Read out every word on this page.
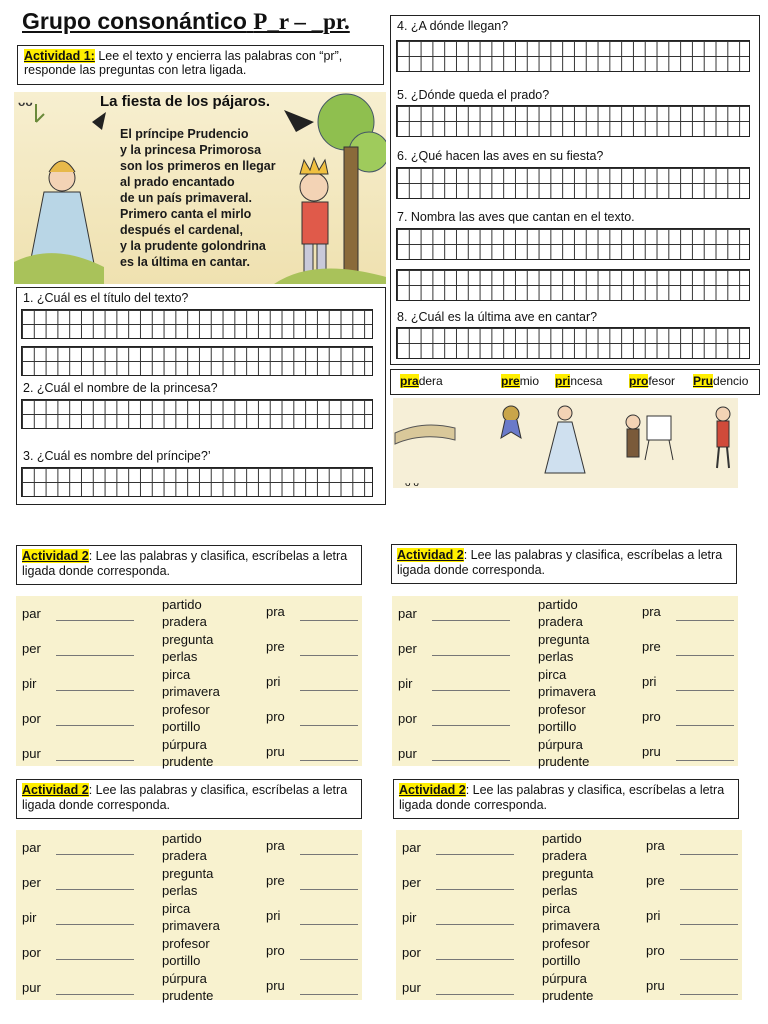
Grupo consonántico P_r – _pr.
Actividad 1: Lee el texto y encierra las palabras con “pr”, responde las preguntas con letra ligada.
ᴗᴗ	La fiesta de los pájaros.
El príncipe Prudencio
y la princesa Primorosa
son los primeros en llegar
al prado encantado
de un país primaveral.
Primero canta el mirlo
después el cardenal,
y la prudente golondrina
es la última en cantar.
1. ¿Cuál es el título del texto?
2. ¿Cuál el nombre de la princesa?
3. ¿Cuál es nombre del príncipe?’
4. ¿A dónde llegan?
5. ¿Dónde queda el prado?
6. ¿Qué hacen las aves en su fiesta?
7. Nombra las aves que cantan en el texto.
8. ¿Cuál es la última ave en cantar?
pradera	premio princesa profesor Prudencio
ᴗ ᴗ
Actividad 2: Lee las palabras y clasifica, escríbelas a letra ligada donde corresponda.
Actividad 2: Lee las palabras y clasifica, escríbelas a letra ligada donde corresponda.
Actividad 2: Lee las palabras y clasifica, escríbelas a letra ligada donde corresponda.
Actividad 2: Lee las palabras y clasifica, escríbelas a letra ligada donde corresponda.
par
partido
pradera
pra
per
pregunta
perlas
pre
pir
pirca
primavera
pri
por
profesor
portillo
pro
pur
púrpura
prudente
pru
par
partido
pradera
pra
per
pregunta
perlas
pre
pir
pirca
primavera
pri
por
profesor
portillo
pro
pur
púrpura
prudente
pru
par
partido
pradera
pra
per
pregunta
perlas
pre
pir
pirca
primavera
pri
por
profesor
portillo
pro
pur
púrpura
prudente
pru
par
partido
pradera
pra
per
pregunta
perlas
pre
pir
pirca
primavera
pri
por
profesor
portillo
pro
pur
púrpura
prudente
pru
